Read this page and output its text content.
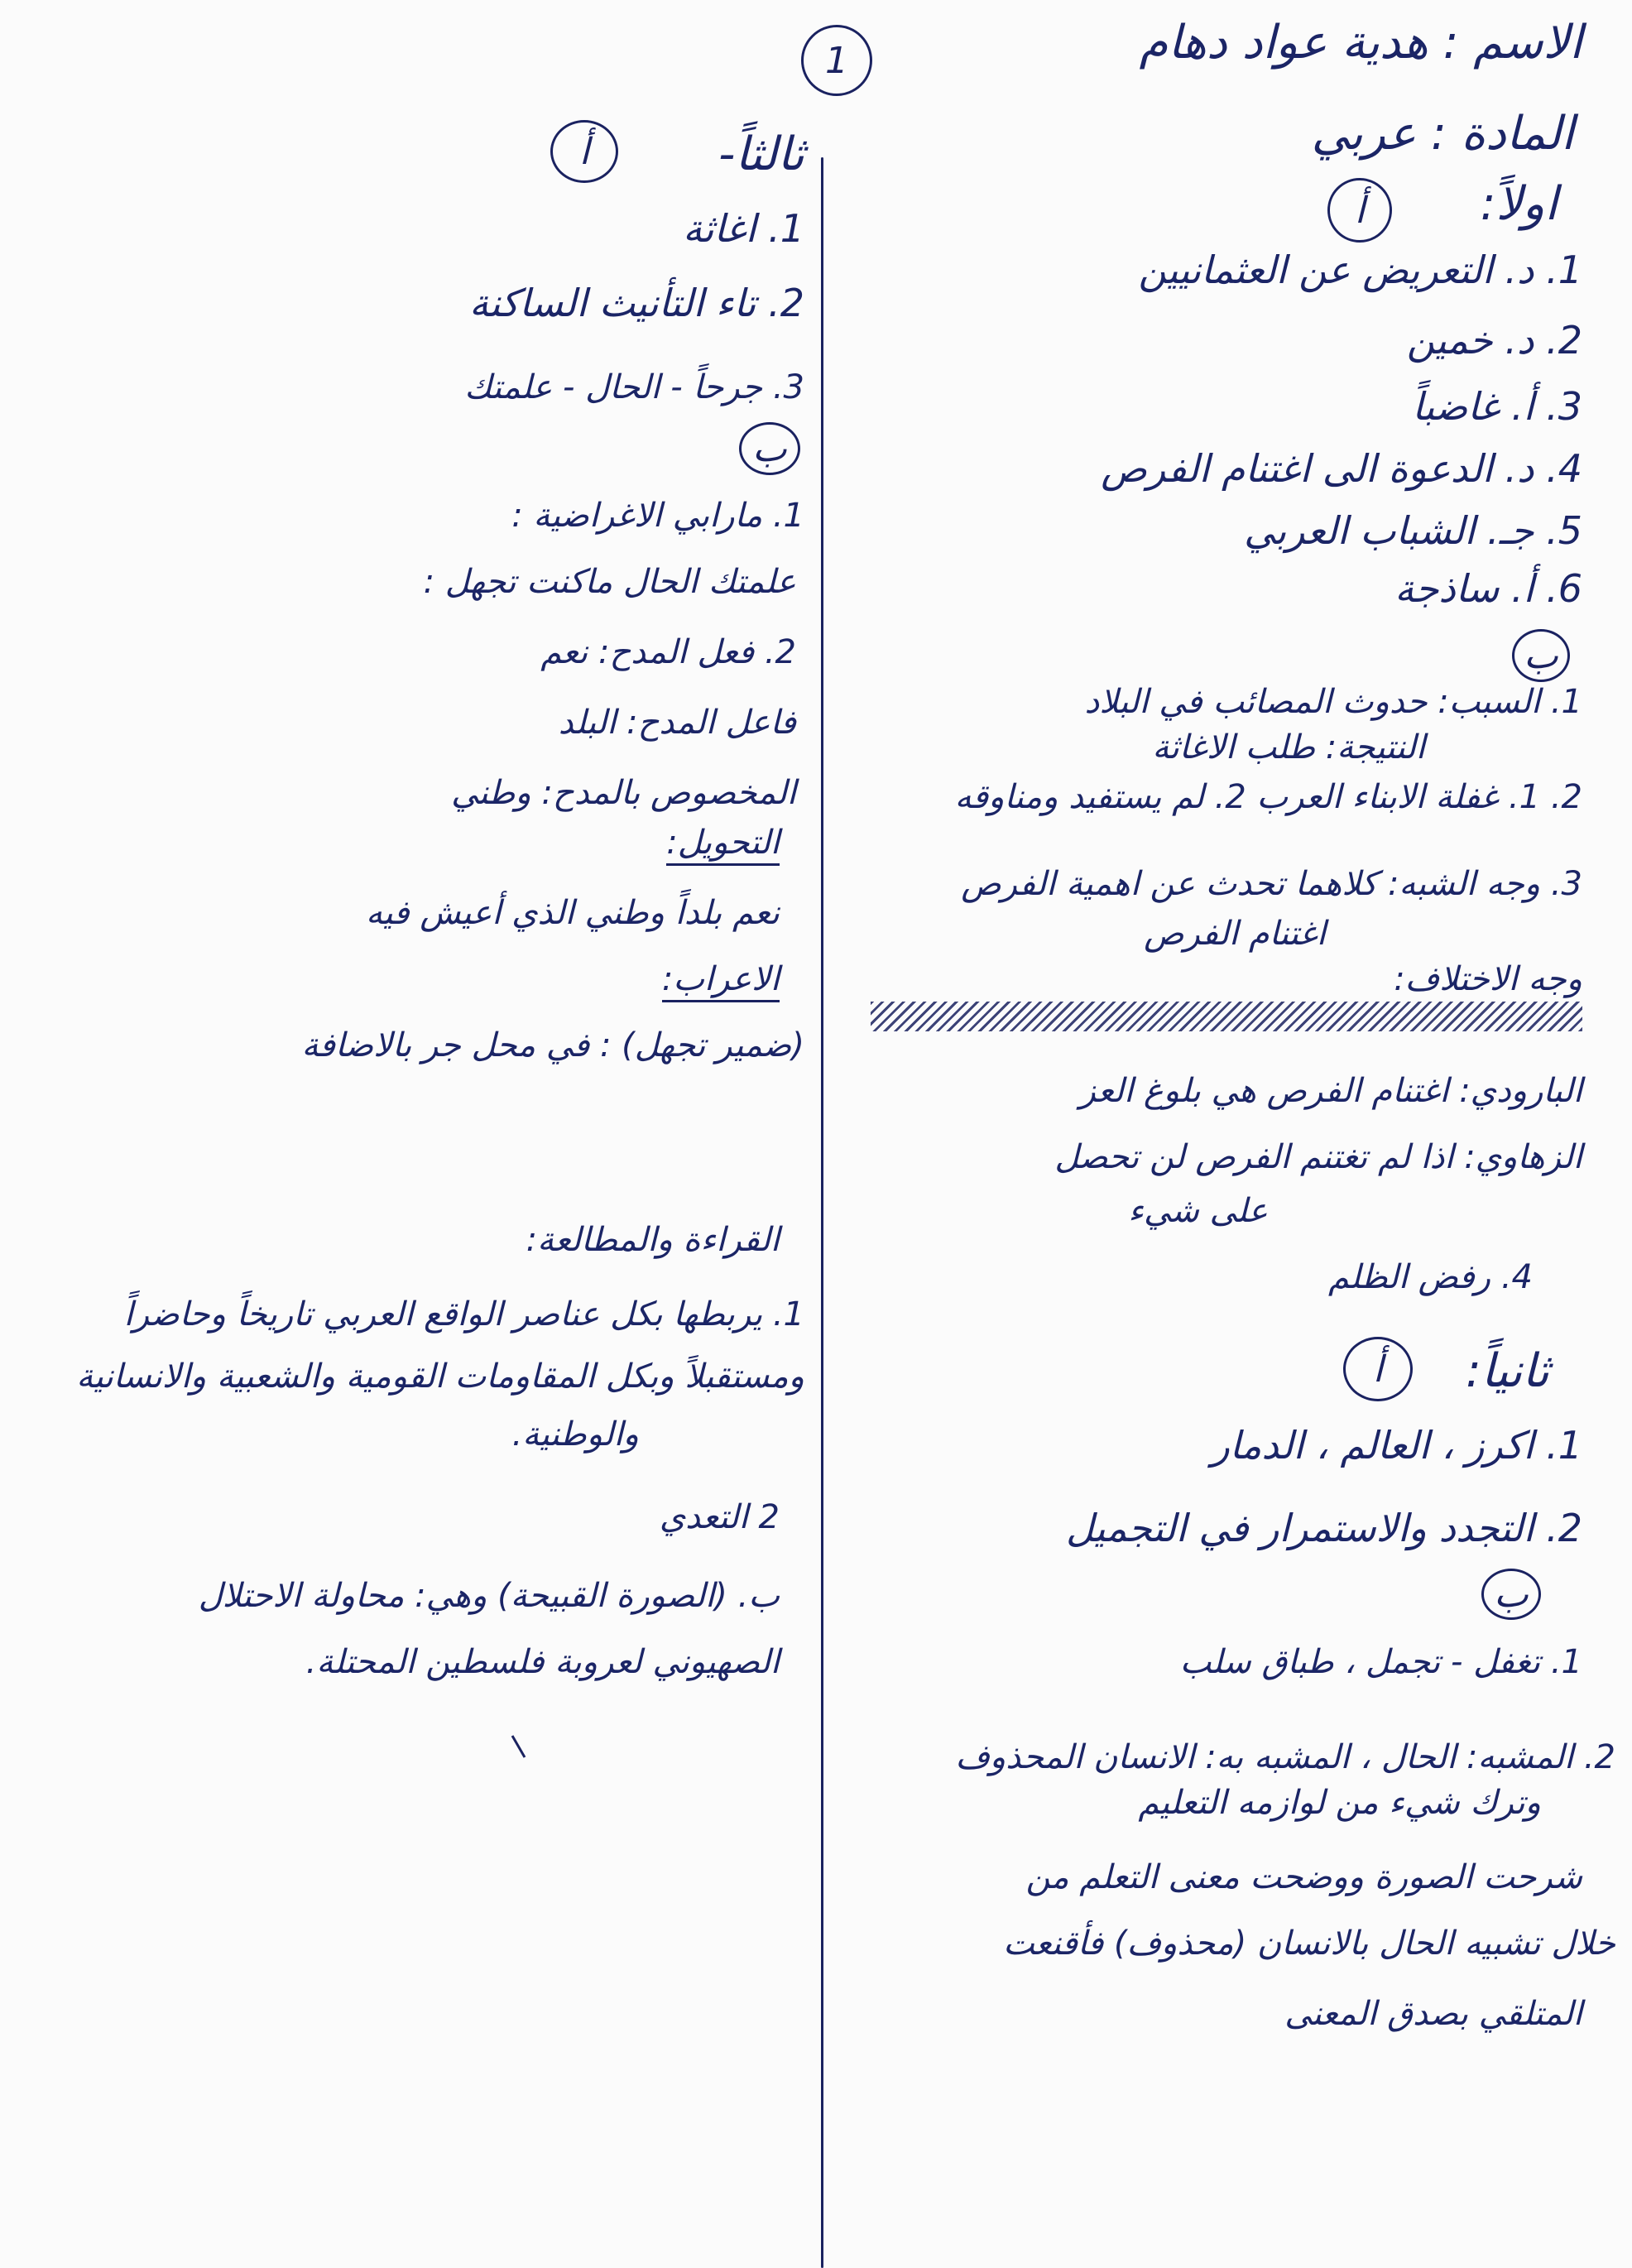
1	الاسم : هدية عواد دهام
المادة : عربي
اولاً:
أ
1. د. التعريض عن العثمانيين
2. د. خمين
3. أ. غاضباً
4. د. الدعوة الى اغتنام الفرص
5. جـ. الشباب العربي
6. أ. ساذجة
ب
1. السبب: حدوث المصائب في البلاد
النتيجة: طلب الاغاثة
2. 1. غفلة الابناء العرب 2. لم يستفيد ومناوقه
3. وجه الشبه: كلاهما تحدث عن اهمية الفرص
اغتنام الفرص
وجه الاختلاف:
البارودي: اغتنام الفرص هي بلوغ العز
الزهاوي: اذا لم تغتنم الفرص لن تحصل
على شيء
4. رفض الظلم
ثانياً:
أ
1. اكرز ، العالم ، الدمار
2. التجدد والاستمرار في التجميل
ب
1. تغفل - تجمل ، طباق سلب
2. المشبه: الحال ، المشبه به: الانسان المحذوف
وترك شيء من لوازمه التعليم
شرحت الصورة ووضحت معنى التعلم من
خلال تشبيه الحال بالانسان (محذوف) فأقنعت
المتلقي بصدق المعنى
ثالثاً-
أ
1. اغاثة
2. تاء التأنيث الساكنة
3. جرحاً - الحال - علمتك
ب
1. مارابي الاغراضية :
علمتك الحال ماكنت تجهل :
2. فعل المدح: نعم
فاعل المدح: البلد
المخصوص بالمدح: وطني
التحويل:
نعم بلداً وطني الذي أعيش فيه
الاعراب:
(ضمير تجهل) : في محل جر بالاضافة
القراءة والمطالعة:
1. يربطها بكل عناصر الواقع العربي تاريخاً وحاضراً
ومستقبلاً وبكل المقاومات القومية والشعبية والانسانية
والوطنية.
2 التعدي
ب. (الصورة القبيحة) وهي: محاولة الاحتلال
الصهيوني لعروبة فلسطين المحتلة.
